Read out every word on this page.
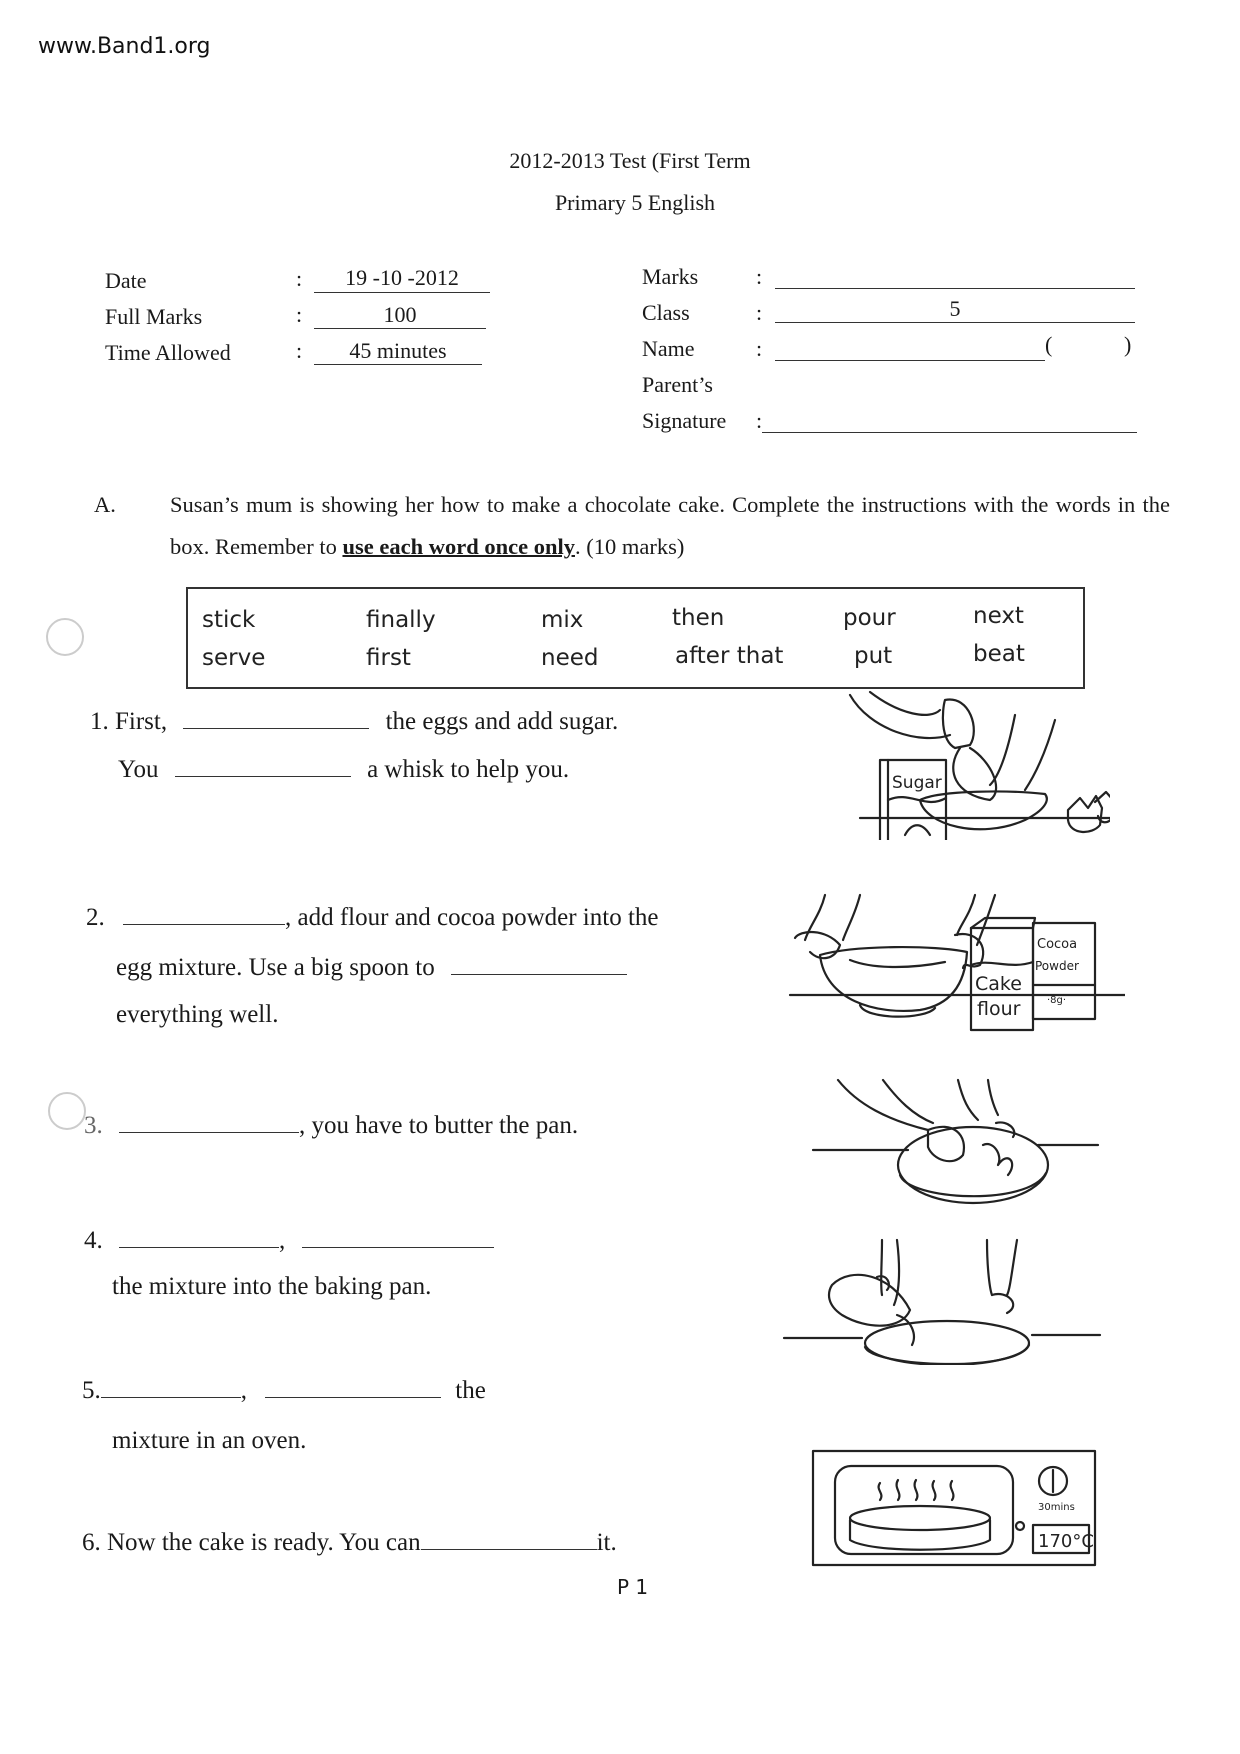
www.Band1.org
2012-2013 Test (First Term
Primary 5 English
Date	:	19 -10 -2012
Full Marks	:	100
Time Allowed	:	45 minutes
Marks	:
Class	:	5
Name	:	(	)
Parent’s
Signature :
A. Susan’s mum is showing her how to make a chocolate cake. Complete the instructions with the words in the box. Remember to use each word once only. (10 marks)
stick	finally	mix	then	pour	next
serve	first	need	after that	put	beat
1. First,	the eggs and add sugar.
You	a whisk to help you.
2.	, add flour and cocoa powder into the
egg mixture. Use a big spoon to
everything well.
3.	, you have to butter the pan.
4.	,
the mixture into the baking pan.
5.	,	the
mixture in an oven.
6. Now the cake is ready. You can	it.
Sugar
Cake
flour
Cocoa
Powder
·8g·
30mins
170°C
P 1
